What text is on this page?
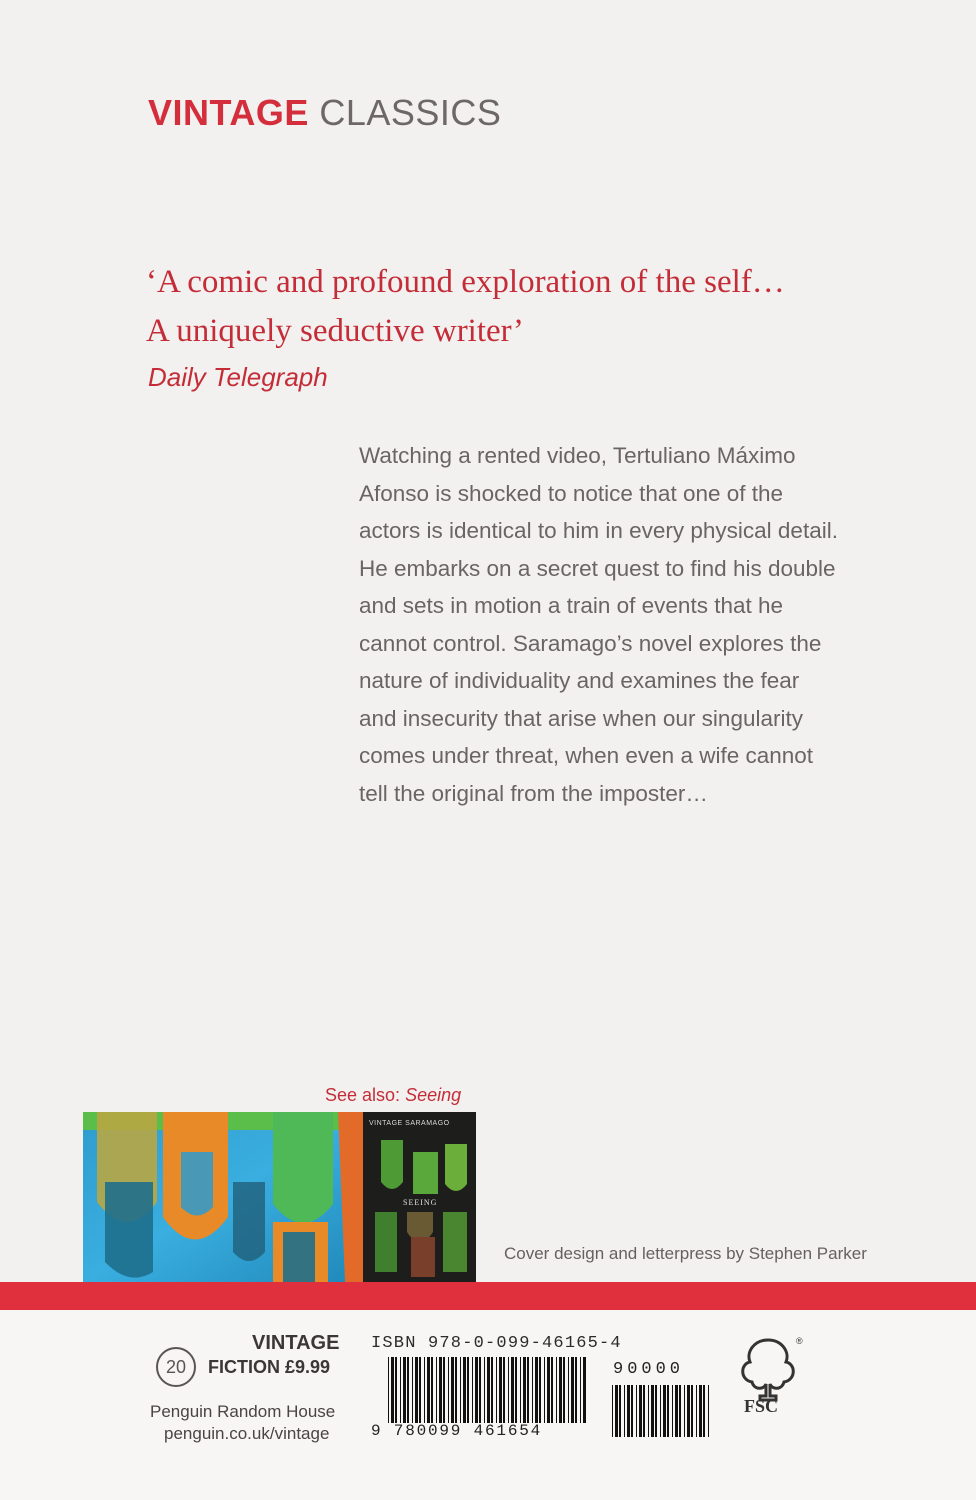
VINTAGE CLASSICS
‘A comic and profound exploration of the self…
A uniquely seductive writer’
Daily Telegraph

Watching a rented video, Tertuliano Máximo

Afonso is shocked to notice that one of the

actors is identical to him in every physical detail.

He embarks on a secret quest to find his double

and sets in motion a train of events that he

cannot control. Saramago’s novel explores the

nature of individuality and examines the fear

and insecurity that arise when our singularity

comes under threat, when even a wife cannot

tell the original from the imposter…

See also: Seeing
VINTAGE SARAMAGO
SEEING
Cover design and letterpress by Stephen Parker
20
VINTAGE
FICTION £9.99
Penguin Random House
penguin.co.uk/vintage
ISBN 978-0-099-46165-4
90000
9 780099 461654
®
FSC
